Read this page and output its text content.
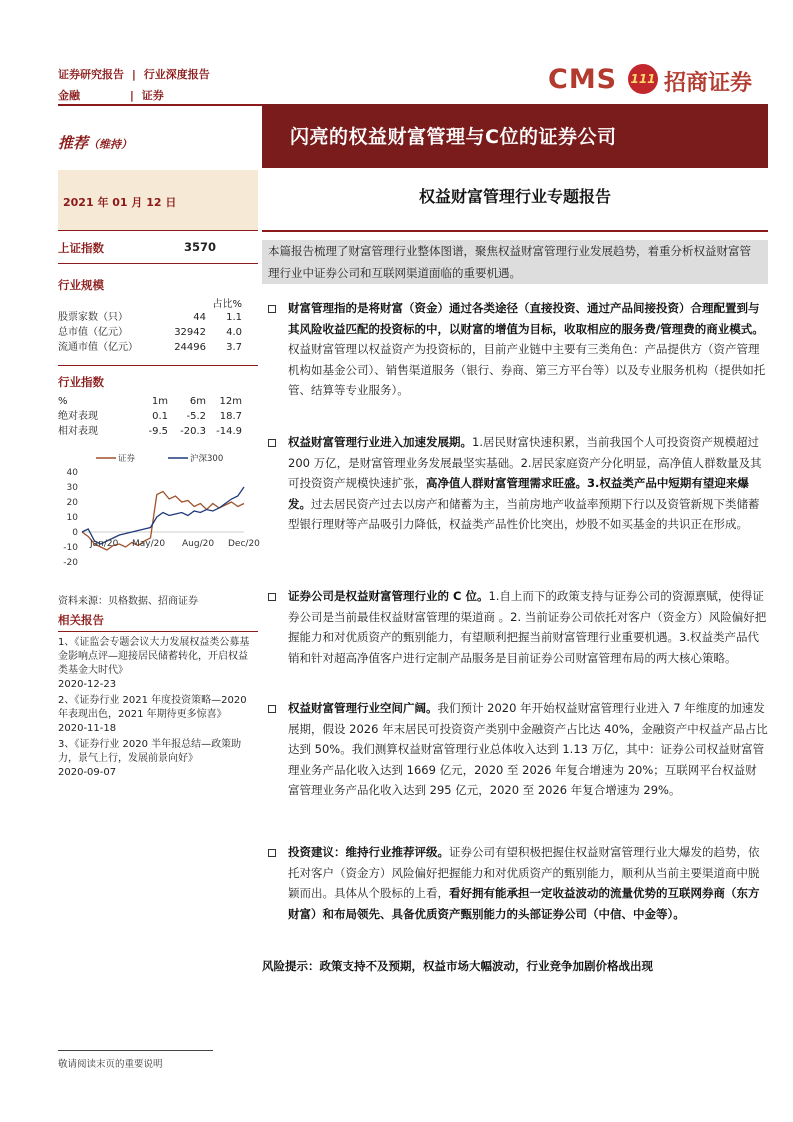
证券研究报告 | 行业深度报告
金融	| 证券
CMS 111 招商证券
推荐（维持）	闪亮的权益财富管理与C位的证券公司
2021 年 01 月 12 日	权益财富管理行业专题报告
上证指数	3570
行业规模
占比%
股票家数（只）	44	1.1
总市值（亿元）	32942	4.0
流通市值（亿元）	24496	3.7
行业指数
%	1m	6m	12m
绝对表现	0.1	-5.2	18.7
相对表现	-9.5	-20.3	-14.9
40
30
20
10
0
-10
-20
证券	沪深300
Jan/20 May/20 Aug/20 Dec/20
资料来源：贝格数据、招商证券
相关报告
1、《证监会专题会议大力发展权益类公募基金影响点评—迎接居民储蓄转化，开启权益类基金大时代》
2020-12-23
2、《证券行业 2021 年度投资策略—2020 年表现出色，2021 年期待更多惊喜》
2020-11-18
3、《证券行业 2020 半年报总结—政策助力，景气上行，发展前景向好》
2020-09-07
本篇报告梳理了财富管理行业整体图谱，聚焦权益财富管理行业发展趋势，着重分析权益财富管理行业中证券公司和互联网渠道面临的重要机遇。
财富管理指的是将财富（资金）通过各类途径（直接投资、通过产品间接投资）合理配置到与其风险收益匹配的投资标的中，以财富的增值为目标，收取相应的服务费/管理费的商业模式。权益财富管理以权益资产为投资标的，目前产业链中主要有三类角色：产品提供方（资产管理机构如基金公司）、销售渠道服务（银行、券商、第三方平台等）以及专业服务机构（提供如托管、结算等专业服务）。
权益财富管理行业进入加速发展期。1.居民财富快速积累，当前我国个人可投资资产规模超过 200 万亿，是财富管理业务发展最坚实基础。2.居民家庭资产分化明显，高净值人群数量及其可投资资产规模快速扩张，高净值人群财富管理需求旺盛。3.权益类产品中短期有望迎来爆发。过去居民资产过去以房产和储蓄为主，当前房地产收益率预期下行以及资管新规下类储蓄型银行理财等产品吸引力降低，权益类产品性价比突出，炒股不如买基金的共识正在形成。
证券公司是权益财富管理行业的 C 位。1.自上而下的政策支持与证券公司的资源禀赋，使得证券公司是当前最佳权益财富管理的渠道商 。2. 当前证券公司依托对客户（资金方）风险偏好把握能力和对优质资产的甄别能力，有望顺利把握当前财富管理行业重要机遇。3.权益类产品代销和针对超高净值客户进行定制产品服务是目前证券公司财富管理布局的两大核心策略。
权益财富管理行业空间广阔。我们预计 2020 年开始权益财富管理行业进入 7 年维度的加速发展期，假设 2026 年末居民可投资资产类别中金融资产占比达 40%，金融资产中权益产品占比达到 50%。我们测算权益财富管理行业总体收入达到 1.13 万亿，其中：证券公司权益财富管理业务产品化收入达到 1669 亿元，2020 至 2026 年复合增速为 20%；互联网平台权益财富管理业务产品化收入达到 295 亿元，2020 至 2026 年复合增速为 29%。
投资建议：维持行业推荐评级。证券公司有望积极把握住权益财富管理行业大爆发的趋势，依托对客户（资金方）风险偏好把握能力和对优质资产的甄别能力，顺利从当前主要渠道商中脱颖而出。具体从个股标的上看，看好拥有能承担一定收益波动的流量优势的互联网券商（东方财富）和布局领先、具备优质资产甄别能力的头部证券公司（中信、中金等）。
风险提示：政策支持不及预期，权益市场大幅波动，行业竞争加剧价格战出现
敬请阅读末页的重要说明
